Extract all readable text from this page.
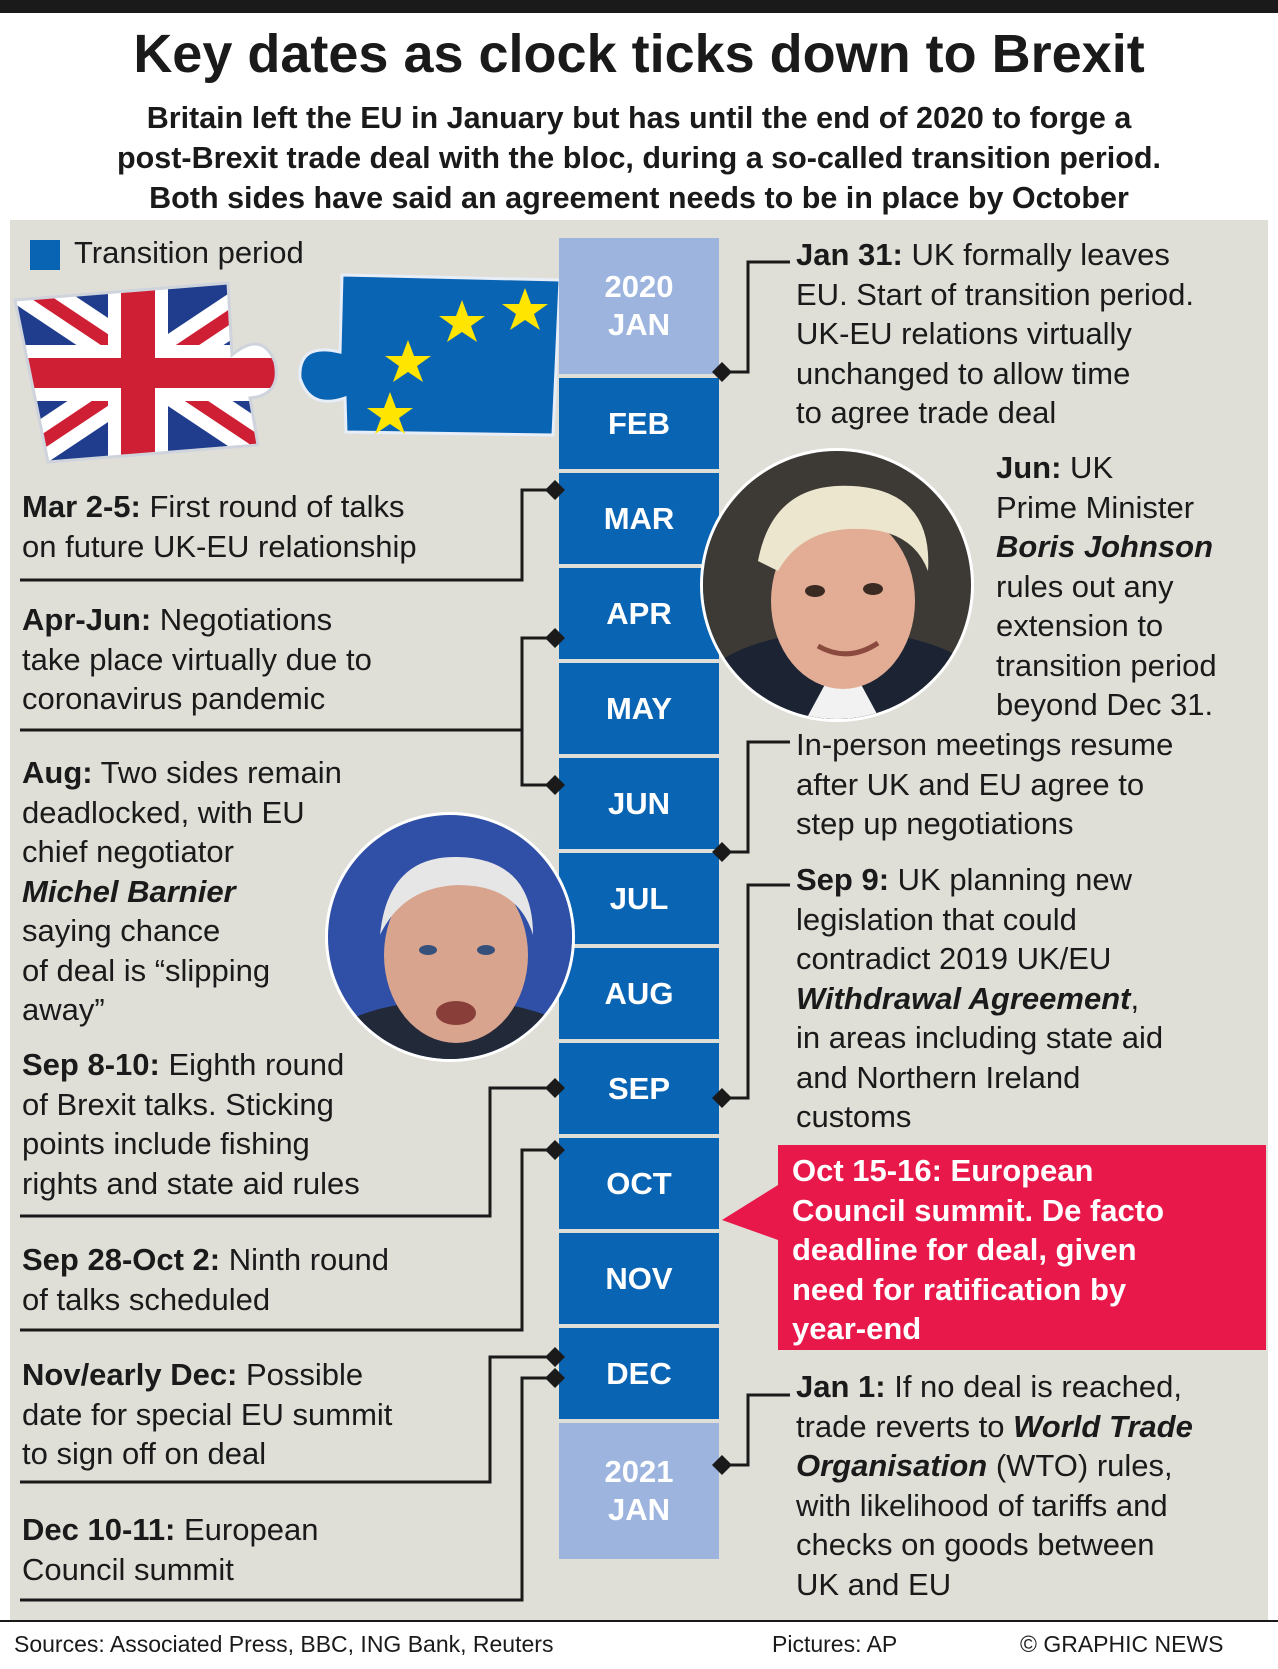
Key dates as clock ticks down to Brexit
Britain left the EU in January but has until the end of 2020 to forge a
post-Brexit trade deal with the bloc, during a so-called transition period.
Both sides have said an agreement needs to be in place by October
Transition period
2020
JAN
FEB
MAR
APR
MAY
JUN
JUL
AUG
SEP
OCT
NOV
DEC
2021
JAN
Mar 2-5: First round of talks
on future UK-EU relationship
Apr-Jun: Negotiations
take place virtually due to
coronavirus pandemic
Aug: Two sides remain
deadlocked, with EU
chief negotiator
Michel Barnier
saying chance
of deal is “slipping
away”
Sep 8-10: Eighth round
of Brexit talks. Sticking
points include fishing
rights and state aid rules
Sep 28-Oct 2: Ninth round
of talks scheduled
Nov/early Dec: Possible
date for special EU summit
to sign off on deal
Dec 10-11: European
Council summit
Jan 31: UK formally leaves
EU. Start of transition period.
UK-EU relations virtually
unchanged to allow time
to agree trade deal
Jun: UK
Prime Minister
Boris Johnson
rules out any
extension to
transition period
beyond Dec 31.
In-person meetings resume
after UK and EU agree to
step up negotiations
Sep 9: UK planning new
legislation that could
contradict 2019 UK/EU
Withdrawal Agreement,
in areas including state aid
and Northern Ireland
customs
Oct 15-16: European
Council summit. De facto
deadline for deal, given
need for ratification by
year-end
Jan 1: If no deal is reached,
trade reverts to World Trade
Organisation (WTO) rules,
with likelihood of tariffs and
checks on goods between
UK and EU
Sources: Associated Press, BBC, ING Bank, Reuters	Pictures: AP	© GRAPHIC NEWS
